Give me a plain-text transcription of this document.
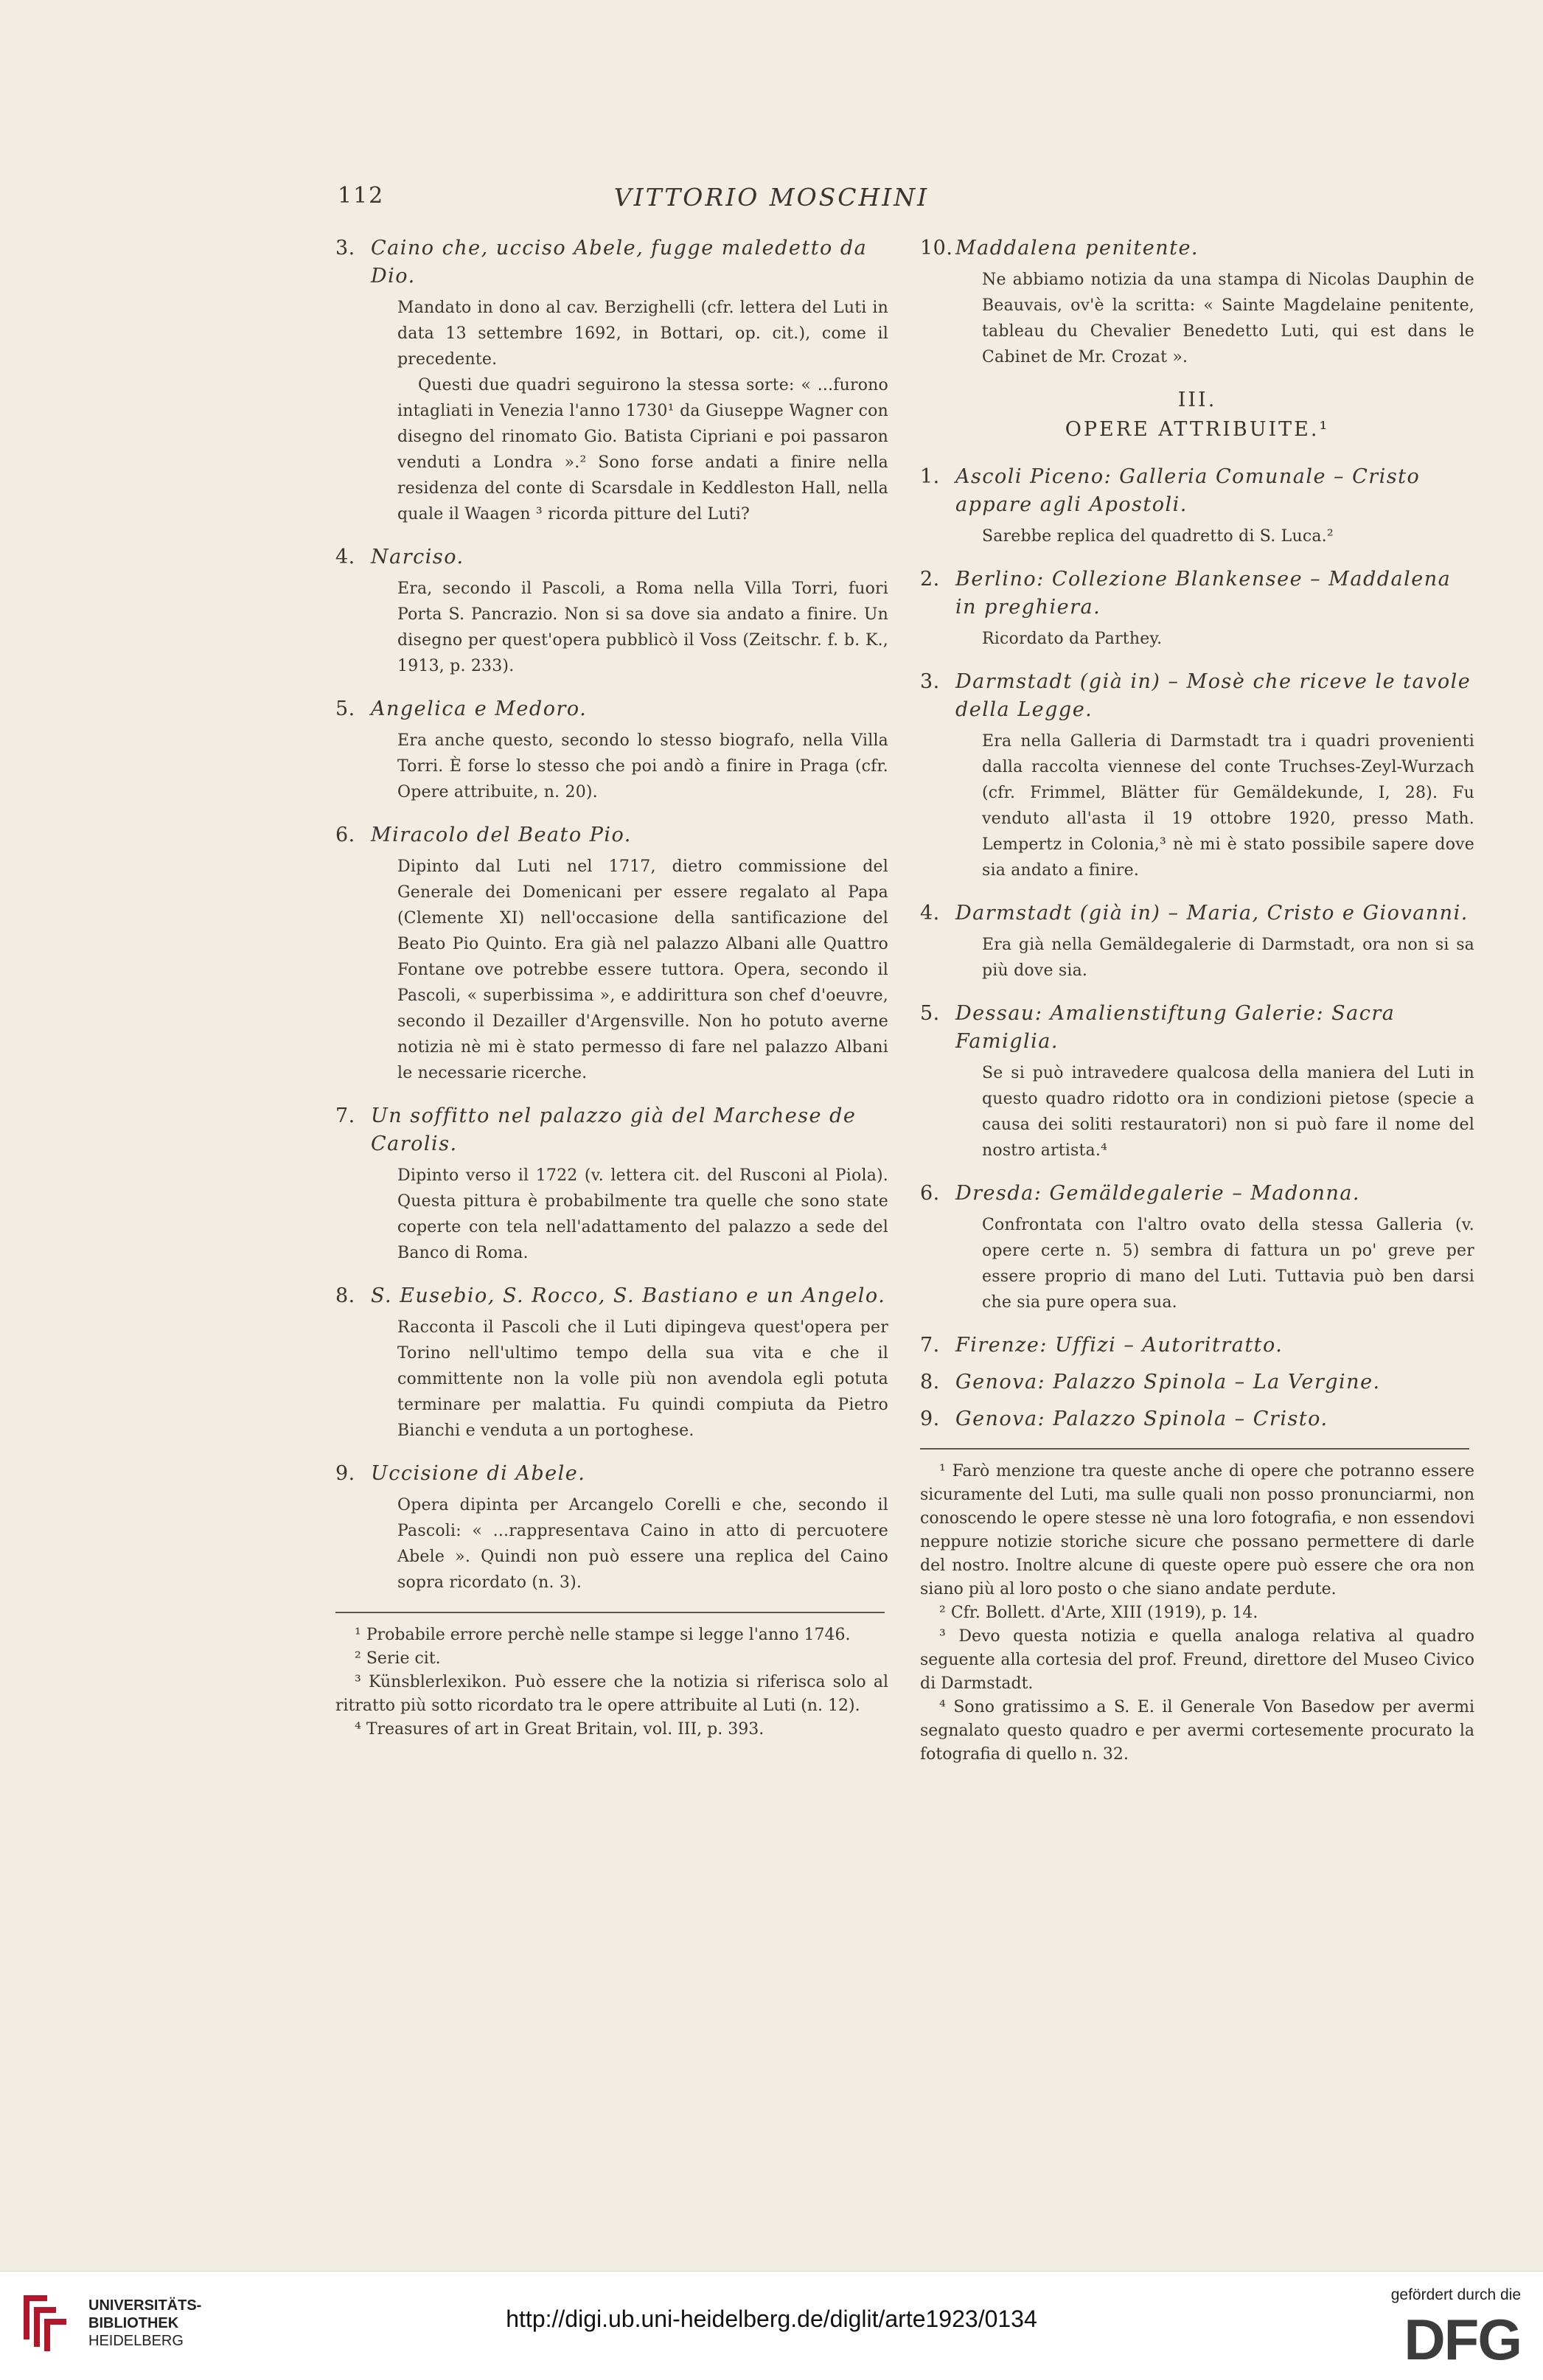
112	VITTORIO MOSCHINI
3. Caino che, ucciso Abele, fugge maledetto da Dio.

Mandato in dono al cav. Berzighelli (cfr. lettera del Luti in data 13 settembre 1692, in Bottari, op. cit.), come il precedente.

Questi due quadri seguirono la stessa sorte: « ...furono intagliati in Venezia l'anno 1730¹ da Giuseppe Wagner con disegno del rinomato Gio. Batista Cipriani e poi passaron venduti a Londra ».² Sono forse andati a finire nella residenza del conte di Scarsdale in Keddleston Hall, nella quale il Waagen ³ ricorda pitture del Luti?

4. Narciso.

Era, secondo il Pascoli, a Roma nella Villa Torri, fuori Porta S. Pancrazio. Non si sa dove sia andato a finire. Un disegno per quest'opera pubblicò il Voss (Zeitschr. f. b. K., 1913, p. 233).

5. Angelica e Medoro.

Era anche questo, secondo lo stesso biografo, nella Villa Torri. È forse lo stesso che poi andò a finire in Praga (cfr. Opere attribuite, n. 20).

6. Miracolo del Beato Pio.

Dipinto dal Luti nel 1717, dietro commissione del Generale dei Domenicani per essere regalato al Papa (Clemente XI) nell'occasione della santificazione del Beato Pio Quinto. Era già nel palazzo Albani alle Quattro Fontane ove potrebbe essere tuttora. Opera, secondo il Pascoli, « superbissima », e addirittura son chef d'oeuvre, secondo il Dezailler d'Argensville. Non ho potuto averne notizia nè mi è stato permesso di fare nel palazzo Albani le necessarie ricerche.

7. Un soffitto nel palazzo già del Marchese de Carolis.

Dipinto verso il 1722 (v. lettera cit. del Rusconi al Piola). Questa pittura è probabilmente tra quelle che sono state coperte con tela nell'adattamento del palazzo a sede del Banco di Roma.

8. S. Eusebio, S. Rocco, S. Bastiano e un Angelo.

Racconta il Pascoli che il Luti dipingeva quest'opera per Torino nell'ultimo tempo della sua vita e che il committente non la volle più non avendola egli potuta terminare per malattia. Fu quindi compiuta da Pietro Bianchi e venduta a un portoghese.

9. Uccisione di Abele.

Opera dipinta per Arcangelo Corelli e che, secondo il Pascoli: « ...rappresentava Caino in atto di percuotere Abele ». Quindi non può essere una replica del Caino sopra ricordato (n. 3).

¹ Probabile errore perchè nelle stampe si legge l'anno 1746.

² Serie cit.

³ Künsblerlexikon. Può essere che la notizia si riferisca solo al ritratto più sotto ricordato tra le opere attribuite al Luti (n. 12).

⁴ Treasures of art in Great Britain, vol. III, p. 393.

10. Maddalena penitente.

Ne abbiamo notizia da una stampa di Nicolas Dauphin de Beauvais, ov'è la scritta: « Sainte Magdelaine penitente, tableau du Chevalier Benedetto Luti, qui est dans le Cabinet de Mr. Crozat ».

III.
OPERE ATTRIBUITE.¹
1. Ascoli Piceno: Galleria Comunale – Cristo appare agli Apostoli.

Sarebbe replica del quadretto di S. Luca.²

2. Berlino: Collezione Blankensee – Maddalena in preghiera.

Ricordato da Parthey.

3. Darmstadt (già in) – Mosè che riceve le tavole della Legge.

Era nella Galleria di Darmstadt tra i quadri provenienti dalla raccolta viennese del conte Truchses-Zeyl-Wurzach (cfr. Frimmel, Blätter für Gemäldekunde, I, 28). Fu venduto all'asta il 19 ottobre 1920, presso Math. Lempertz in Colonia,³ nè mi è stato possibile sapere dove sia andato a finire.

4. Darmstadt (già in) – Maria, Cristo e Giovanni.

Era già nella Gemäldegalerie di Darmstadt, ora non si sa più dove sia.

5. Dessau: Amalienstiftung Galerie: Sacra Famiglia.

Se si può intravedere qualcosa della maniera del Luti in questo quadro ridotto ora in condizioni pietose (specie a causa dei soliti restauratori) non si può fare il nome del nostro artista.⁴

6. Dresda: Gemäldegalerie – Madonna.

Confrontata con l'altro ovato della stessa Galleria (v. opere certe n. 5) sembra di fattura un po' greve per essere proprio di mano del Luti. Tuttavia può ben darsi che sia pure opera sua.

7. Firenze: Uffizi – Autoritratto.
8. Genova: Palazzo Spinola – La Vergine.
9. Genova: Palazzo Spinola – Cristo.

¹ Farò menzione tra queste anche di opere che potranno essere sicuramente del Luti, ma sulle quali non posso pronunciarmi, non conoscendo le opere stesse nè una loro fotografia, e non essendovi neppure notizie storiche sicure che possano permettere di darle del nostro. Inoltre alcune di queste opere può essere che ora non siano più al loro posto o che siano andate perdute.

² Cfr. Bollett. d'Arte, XIII (1919), p. 14.

³ Devo questa notizia e quella analoga relativa al quadro seguente alla cortesia del prof. Freund, direttore del Museo Civico di Darmstadt.

⁴ Sono gratissimo a S. E. il Generale Von Basedow per avermi segnalato questo quadro e per avermi cortesemente procurato la fotografia di quello n. 32.

UNIVERSITÄTS-
BIBLIOTHEK
HEIDELBERG
http://digi.ub.uni-heidelberg.de/diglit/arte1923/0134
gefördert durch die
DFG
